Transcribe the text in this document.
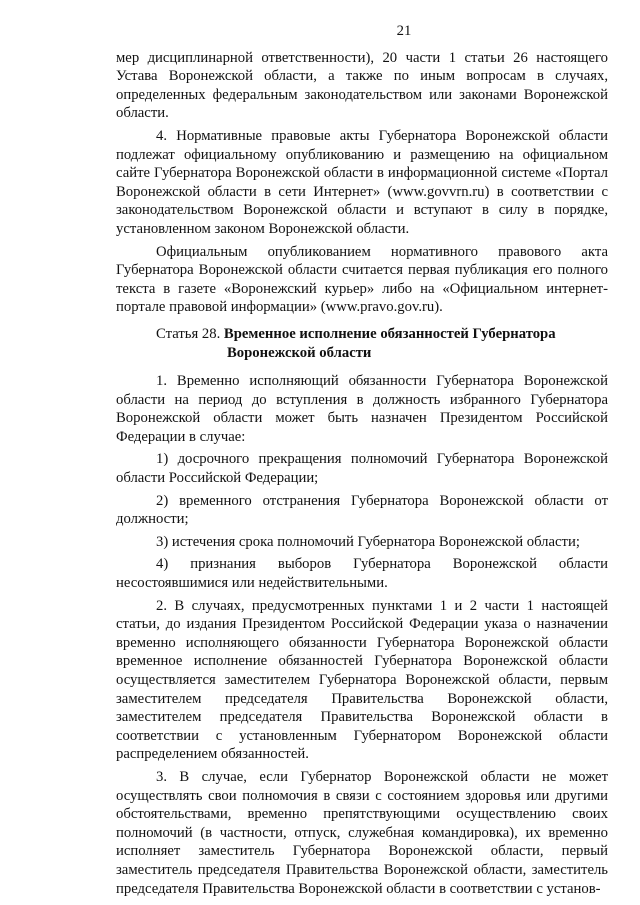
21

мер дисциплинарной ответственности), 20 части 1 статьи 26 настоящего Устава Воронежской области, а также по иным вопросам в случаях, определенных федеральным законодательством или законами Воронежской области.

4. Нормативные правовые акты Губернатора Воронежской области подлежат официальному опубликованию и размещению на официальном сайте Губернатора Воронежской области в информационной системе «Портал Воронежской области в сети Интернет» (www.govvrn.ru) в соответствии с законодательством Воронежской области и вступают в силу в порядке, установленном законом Воронежской области.

Официальным опубликованием нормативного правового акта Губернатора Воронежской области считается первая публикация его полного текста в газете «Воронежский курьер» либо на «Официальном интернет-портале правовой информации» (www.pravo.gov.ru).

Статья 28.
Временное исполнение обязанностей Губернатора
Воронежской области

1. Временно исполняющий обязанности Губернатора Воронежской области на период до вступления в должность избранного Губернатора Воронежской области может быть назначен Президентом Российской Федерации в случае:

1) досрочного прекращения полномочий Губернатора Воронежской области Российской Федерации;

2) временного отстранения Губернатора Воронежской области от должности;

3) истечения срока полномочий Губернатора Воронежской области;

4) признания выборов Губернатора Воронежской области несостоявшимися или недействительными.

2. В случаях, предусмотренных пунктами 1 и 2 части 1 настоящей статьи, до издания Президентом Российской Федерации указа о назначении временно исполняющего обязанности Губернатора Воронежской области временное исполнение обязанностей Губернатора Воронежской области осуществляется заместителем Губернатора Воронежской области, первым заместителем председателя Правительства Воронежской области, заместителем председателя Правительства Воронежской области в соответствии с установленным Губернатором Воронежской области распределением обязанностей.

3. В случае, если Губернатор Воронежской области не может осуществлять свои полномочия в связи с состоянием здоровья или другими обстоятельствами, временно препятствующими осуществлению своих полномочий (в частности, отпуск, служебная командировка), их временно исполняет заместитель Губернатора Воронежской области, первый заместитель председателя Правительства Воронежской области, заместитель председателя Правительства Воронежской области в соответствии с установ-
